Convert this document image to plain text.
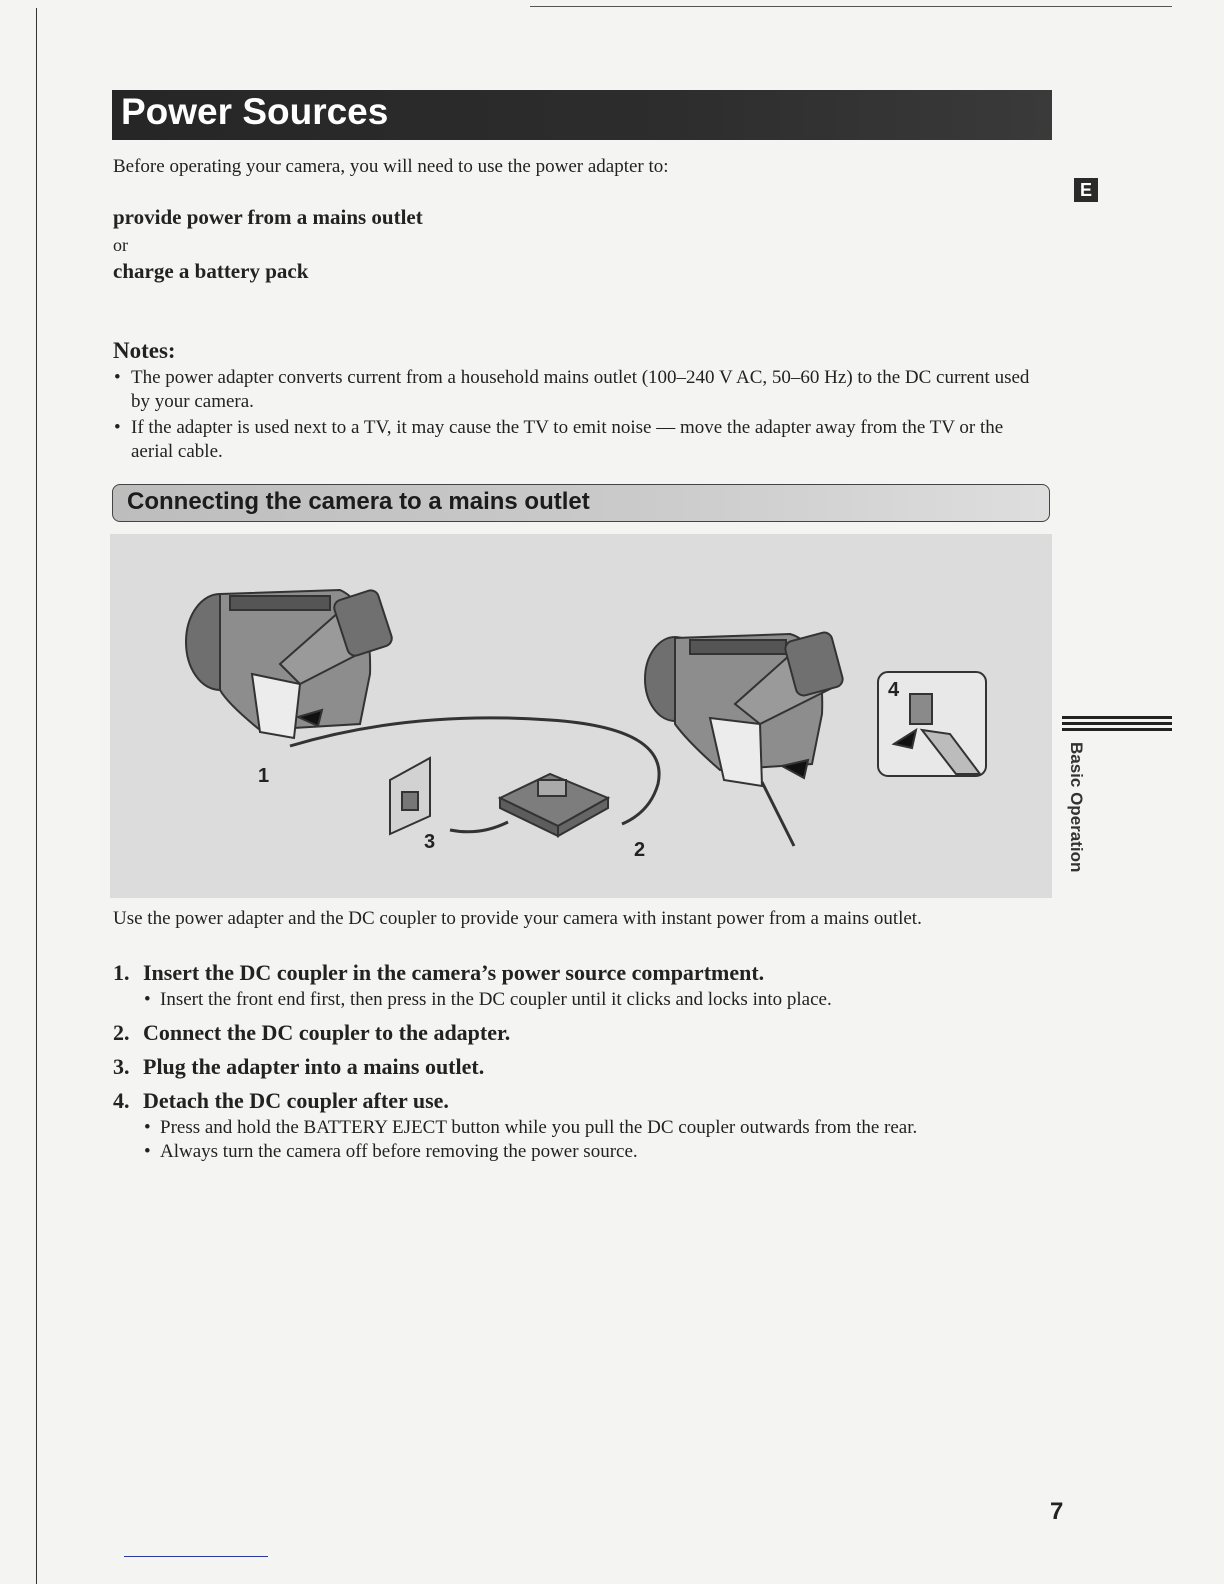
Power Sources
E
Before operating your camera, you will need to use the power adapter to:
provide power from a mains outlet
or
charge a battery pack
Notes:
• The power adapter converts current from a household mains outlet (100–240 V AC, 50–60 Hz) to the DC current used by your camera.
• If the adapter is used next to a TV, it may cause the TV to emit noise — move the adapter away from the TV or the aerial cable.
Connecting the camera to a mains outlet
1
2
3
4
Use the power adapter and the DC coupler to provide your camera with instant power from a mains outlet.
1. Insert the DC coupler in the camera’s power source compartment.
• Insert the front end first, then press in the DC coupler until it clicks and locks into place.
2. Connect the DC coupler to the adapter.
3. Plug the adapter into a mains outlet.
4. Detach the DC coupler after use.
• Press and hold the BATTERY EJECT button while you pull the DC coupler outwards from the rear.
• Always turn the camera off before removing the power source.
Basic Operation
7
